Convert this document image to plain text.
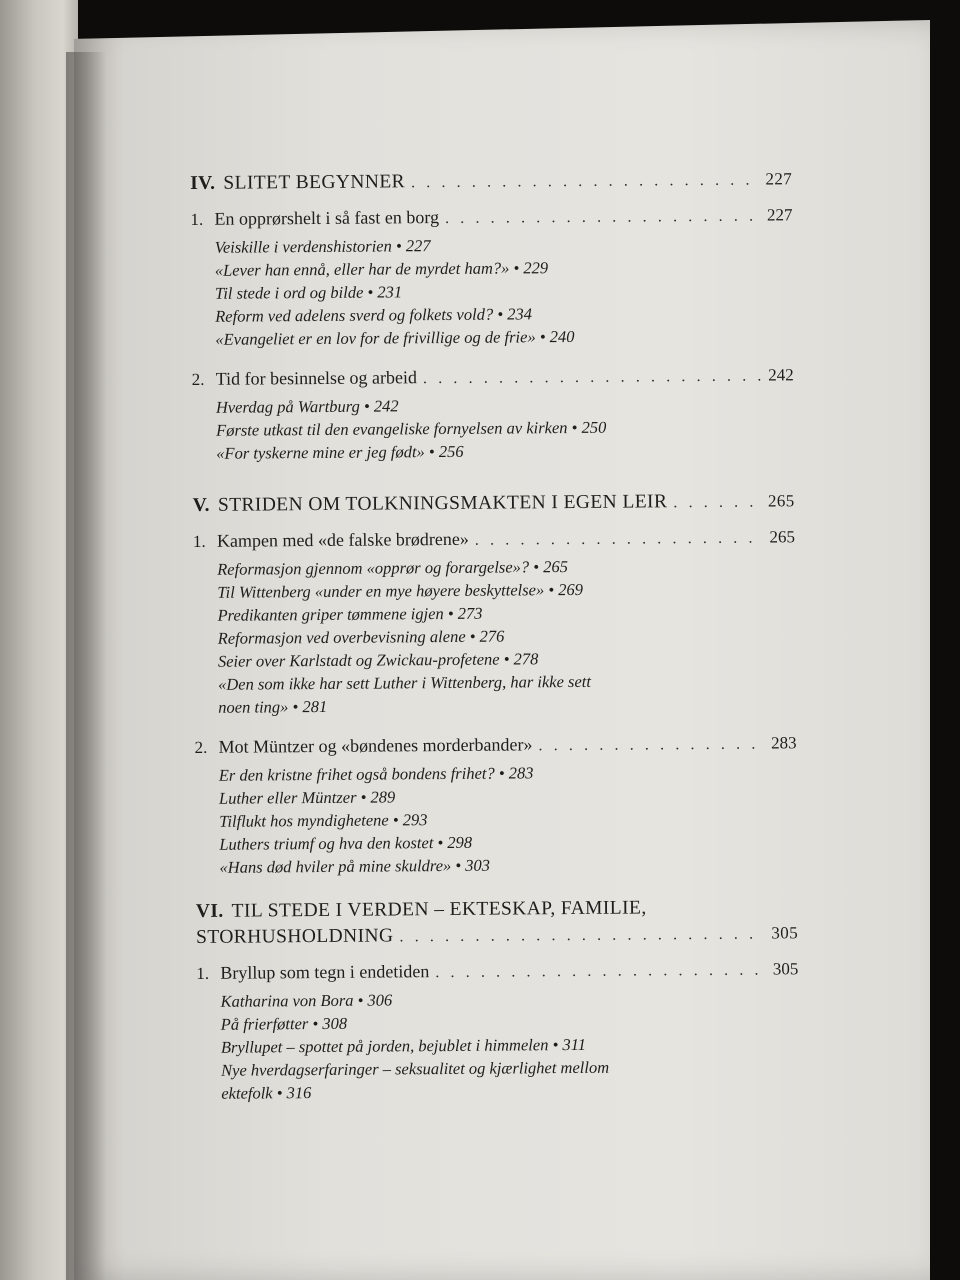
IV. SLITET BEGYNNER . . .	227
1. En opprørshelt i så fast en borg . . .	227
Veiskille i verdenshistorien • 227
«Lever han ennå, eller har de myrdet ham?» • 229
Til stede i ord og bilde • 231
Reform ved adelens sverd og folkets vold? • 234
«Evangeliet er en lov for de frivillige og de frie» • 240
2. Tid for besinnelse og arbeid . . .	242
Hverdag på Wartburg • 242
Første utkast til den evangeliske fornyelsen av kirken • 250
«For tyskerne mine er jeg født» • 256
V. STRIDEN OM TOLKNINGSMAKTEN I EGEN LEIR . . .	265
1. Kampen med «de falske brødrene» . . .	265
Reformasjon gjennom «opprør og forargelse»? • 265
Til Wittenberg «under en mye høyere beskyttelse» • 269
Predikanten griper tømmene igjen • 273
Reformasjon ved overbevisning alene • 276
Seier over Karlstadt og Zwickau-profetene • 278
«Den som ikke har sett Luther i Wittenberg, har ikke sett
noen ting» • 281
2. Mot Müntzer og «bøndenes morderbander» . . .	283
Er den kristne frihet også bondens frihet? • 283
Luther eller Müntzer • 289
Tilflukt hos myndighetene • 293
Luthers triumf og hva den kostet • 298
«Hans død hviler på mine skuldre» • 303
VI. TIL STEDE I VERDEN – EKTESKAP, FAMILIE,
STORHUSHOLDNING . . .	305
1. Bryllup som tegn i endetiden . . .	305
Katharina von Bora • 306
På frierføtter • 308
Bryllupet – spottet på jorden, bejublet i himmelen • 311
Nye hverdagserfaringer – seksualitet og kjærlighet mellom
ektefolk • 316
